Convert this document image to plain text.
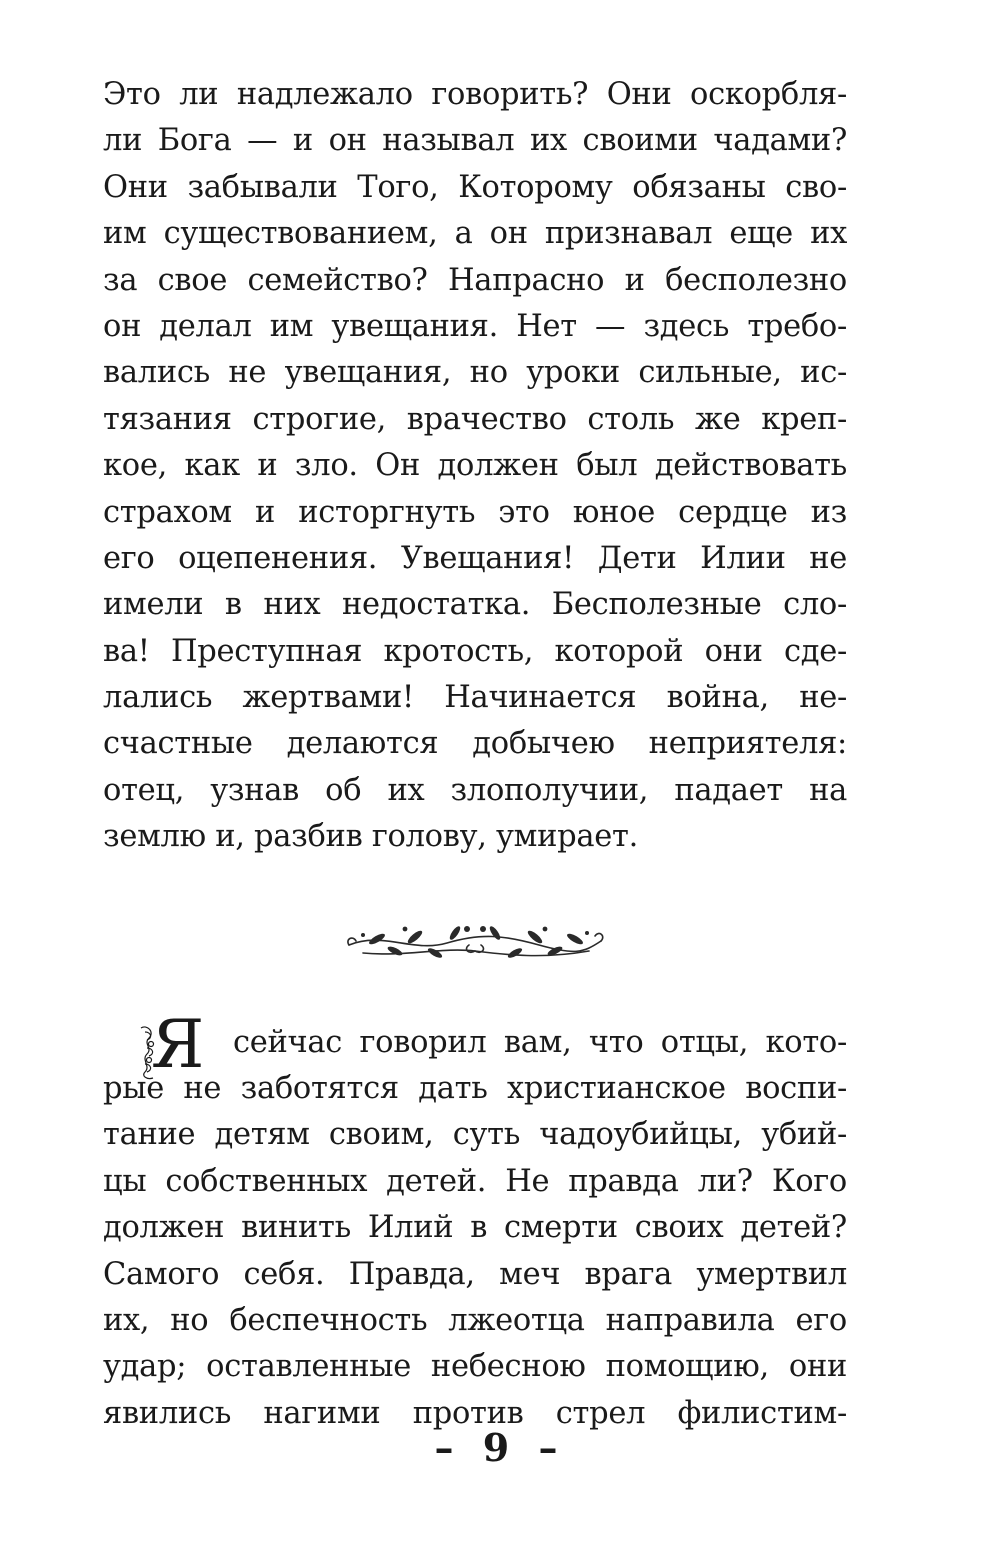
Это ли надлежало говорить? Они оскорбля-
ли Бога — и он называл их своими чадами?
Они забывали Того, Которому обязаны сво-
им существованием, а он признавал еще их
за свое семейство? Напрасно и бесполезно
он делал им увещания. Нет — здесь требо-
вались не увещания, но уроки сильные, ис-
тязания строгие, врачество столь же креп-
кое, как и зло. Он должен был действовать
страхом и исторгнуть это юное сердце из
его оцепенения. Увещания! Дети Илии не
имели в них недостатка. Бесполезные сло-
ва! Преступная кротость, которой они сде-
лались жертвами! Начинается война, не-
счастные делаются добычею неприятеля:
отец, узнав об их злополучии, падает на
землю и, разбив голову, умирает.
Я сейчас говорил вам, что отцы, кото-
рые не заботятся дать христианское воспи-
тание детям своим, суть чадоубийцы, убий-
цы собственных детей. Не правда ли? Кого
должен винить Илий в смерти своих детей?
Самого себя. Правда, меч врага умертвил
их, но беспечность лжеотца направила его
удар; оставленные небесною помощию, они
явились нагими против стрел филистим-
– 9 –
